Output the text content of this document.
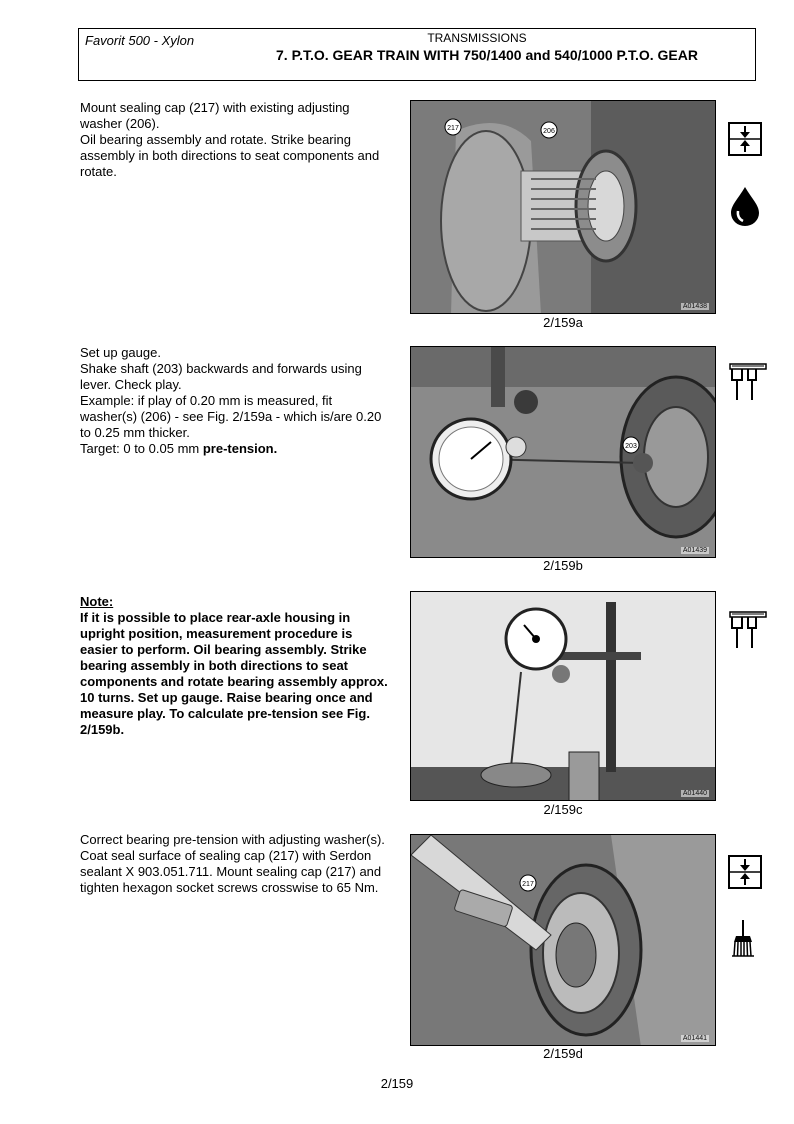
Favorit 500 - Xylon	TRANSMISSIONS
7. P.T.O. GEAR TRAIN WITH 750/1400 and 540/1000 P.T.O. GEAR

Mount sealing cap (217) with existing adjusting washer (206).

Oil bearing assembly and rotate. Strike bearing assembly in both directions to seat components and rotate.

217	206
A01438
2/159a

Set up gauge.

Shake shaft (203) backwards and forwards using lever. Check play.

Example: if play of 0.20 mm is measured, fit washer(s) (206) - see Fig. 2/159a - which is/are 0.20 to 0.25 mm thicker.

Target: 0 to 0.05 mm pre-tension.	203
A01439
2/159b

Note:

If it is possible to place rear-axle housing in upright position, measurement procedure is easier to perform. Oil bearing assembly. Strike bearing assembly in both directions to seat components and rotate bearing assembly approx. 10 turns. Set up gauge. Raise bearing once and measure play. To calculate pre-tension see Fig. 2/159b.

A01440
2/159c

Correct bearing pre-tension with adjusting washer(s).

Coat seal surface of sealing cap (217) with Serdon sealant X 903.051.711. Mount sealing cap (217) and tighten hexagon socket screws crosswise to 65 Nm.	217
A01441
2/159d
2/159
